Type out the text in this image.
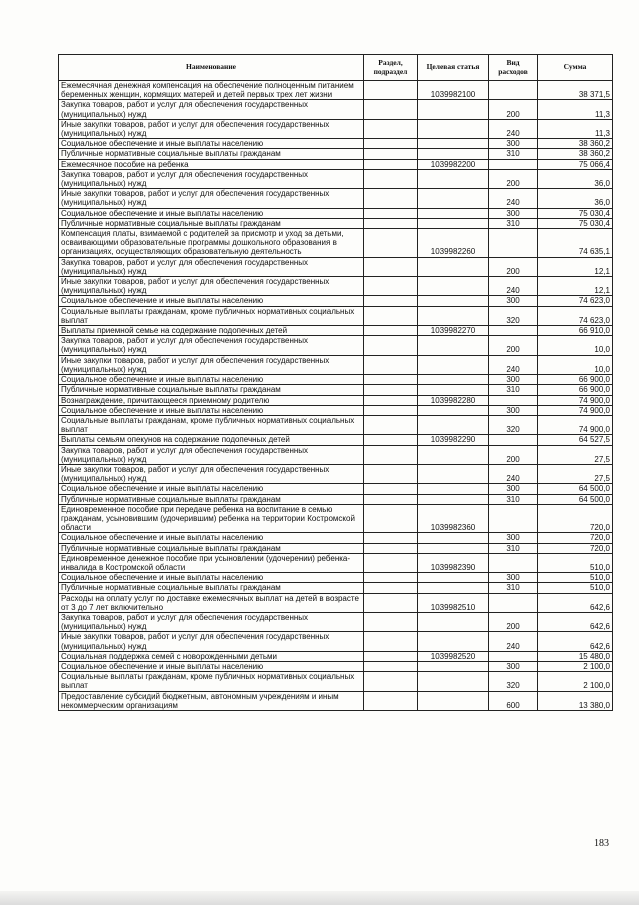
Наименование	Раздел, подраздел	Целевая статья	Вид расходов	Сумма
Ежемесячная денежная компенсация на обеспечение полноценным питанием беременных женщин, кормящих матерей и детей первых трех лет жизни		1039982100		38 371,5
Закупка товаров, работ и услуг для обеспечения государственных (муниципальных) нужд			200	11,3
Иные закупки товаров, работ и услуг для обеспечения государственных (муниципальных) нужд			240	11,3
Социальное обеспечение и иные выплаты населению			300	38 360,2
Публичные нормативные социальные выплаты гражданам			310	38 360,2
Ежемесячное пособие на ребенка		1039982200		75 066,4
Закупка товаров, работ и услуг для обеспечения государственных (муниципальных) нужд			200	36,0
Иные закупки товаров, работ и услуг для обеспечения государственных (муниципальных) нужд			240	36,0
Социальное обеспечение и иные выплаты населению			300	75 030,4
Публичные нормативные социальные выплаты гражданам			310	75 030,4
Компенсация платы, взимаемой с родителей за присмотр и уход за детьми, осваивающими образовательные программы дошкольного образования в организациях, осуществляющих образовательную деятельность		1039982260		74 635,1
Закупка товаров, работ и услуг для обеспечения государственных (муниципальных) нужд			200	12,1
Иные закупки товаров, работ и услуг для обеспечения государственных (муниципальных) нужд			240	12,1
Социальное обеспечение и иные выплаты населению			300	74 623,0
Социальные выплаты гражданам, кроме публичных нормативных социальных выплат			320	74 623,0
Выплаты приемной семье на содержание подопечных детей		1039982270		66 910,0
Закупка товаров, работ и услуг для обеспечения государственных (муниципальных) нужд			200	10,0
Иные закупки товаров, работ и услуг для обеспечения государственных (муниципальных) нужд			240	10,0
Социальное обеспечение и иные выплаты населению			300	66 900,0
Публичные нормативные социальные выплаты гражданам			310	66 900,0
Вознаграждение, причитающееся приемному родителю		1039982280		74 900,0
Социальное обеспечение и иные выплаты населению			300	74 900,0
Социальные выплаты гражданам, кроме публичных нормативных социальных выплат			320	74 900,0
Выплаты семьям опекунов на содержание подопечных детей		1039982290		64 527,5
Закупка товаров, работ и услуг для обеспечения государственных (муниципальных) нужд			200	27,5
Иные закупки товаров, работ и услуг для обеспечения государственных (муниципальных) нужд			240	27,5
Социальное обеспечение и иные выплаты населению			300	64 500,0
Публичные нормативные социальные выплаты гражданам			310	64 500,0
Единовременное пособие при передаче ребенка на воспитание в семью гражданам, усыновившим (удочерившим) ребенка на территории Костромской области		1039982360		720,0
Социальное обеспечение и иные выплаты населению			300	720,0
Публичные нормативные социальные выплаты гражданам			310	720,0
Единовременное денежное пособие при усыновлении (удочерении) ребенка-инвалида в Костромской области		1039982390		510,0
Социальное обеспечение и иные выплаты населению			300	510,0
Публичные нормативные социальные выплаты гражданам			310	510,0
Расходы на оплату услуг по доставке ежемесячных выплат на детей в возрасте от 3 до 7 лет включительно		1039982510		642,6
Закупка товаров, работ и услуг для обеспечения государственных (муниципальных) нужд			200	642,6
Иные закупки товаров, работ и услуг для обеспечения государственных (муниципальных) нужд			240	642,6
Социальная поддержка семей с новорожденными детьми		1039982520		15 480,0
Социальное обеспечение и иные выплаты населению			300	2 100,0
Социальные выплаты гражданам, кроме публичных нормативных социальных выплат			320	2 100,0
Предоставление субсидий бюджетным, автономным учреждениям и иным некоммерческим организациям			600	13 380,0
183
